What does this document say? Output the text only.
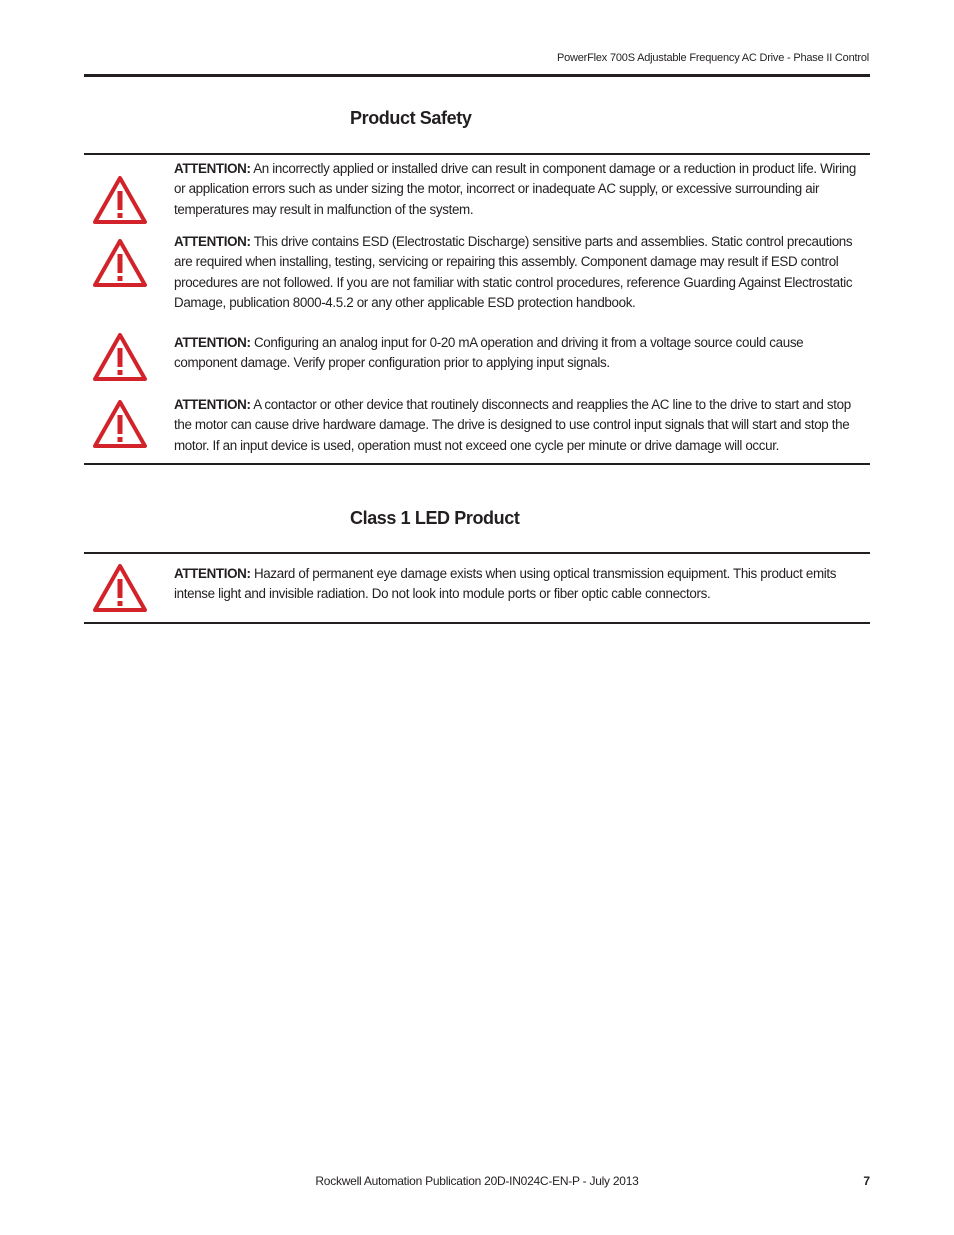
PowerFlex 700S Adjustable Frequency AC Drive - Phase II Control
Product Safety
ATTENTION: An incorrectly applied or installed drive can result in component damage or a reduction in product life. Wiring or application errors such as under sizing the motor, incorrect or inadequate AC supply, or excessive surrounding air temperatures may result in malfunction of the system.
ATTENTION: This drive contains ESD (Electrostatic Discharge) sensitive parts and assemblies. Static control precautions are required when installing, testing, servicing or repairing this assembly. Component damage may result if ESD control procedures are not followed. If you are not familiar with static control procedures, reference Guarding Against Electrostatic Damage, publication 8000-4.5.2 or any other applicable ESD protection handbook.
ATTENTION: Configuring an analog input for 0-20 mA operation and driving it from a voltage source could cause component damage. Verify proper configuration prior to applying input signals.
ATTENTION: A contactor or other device that routinely disconnects and reapplies the AC line to the drive to start and stop the motor can cause drive hardware damage. The drive is designed to use control input signals that will start and stop the motor. If an input device is used, operation must not exceed one cycle per minute or drive damage will occur.
Class 1 LED Product
ATTENTION: Hazard of permanent eye damage exists when using optical transmission equipment. This product emits intense light and invisible radiation. Do not look into module ports or fiber optic cable connectors.
Rockwell Automation Publication 20D-IN024C-EN-P - July 2013	7
